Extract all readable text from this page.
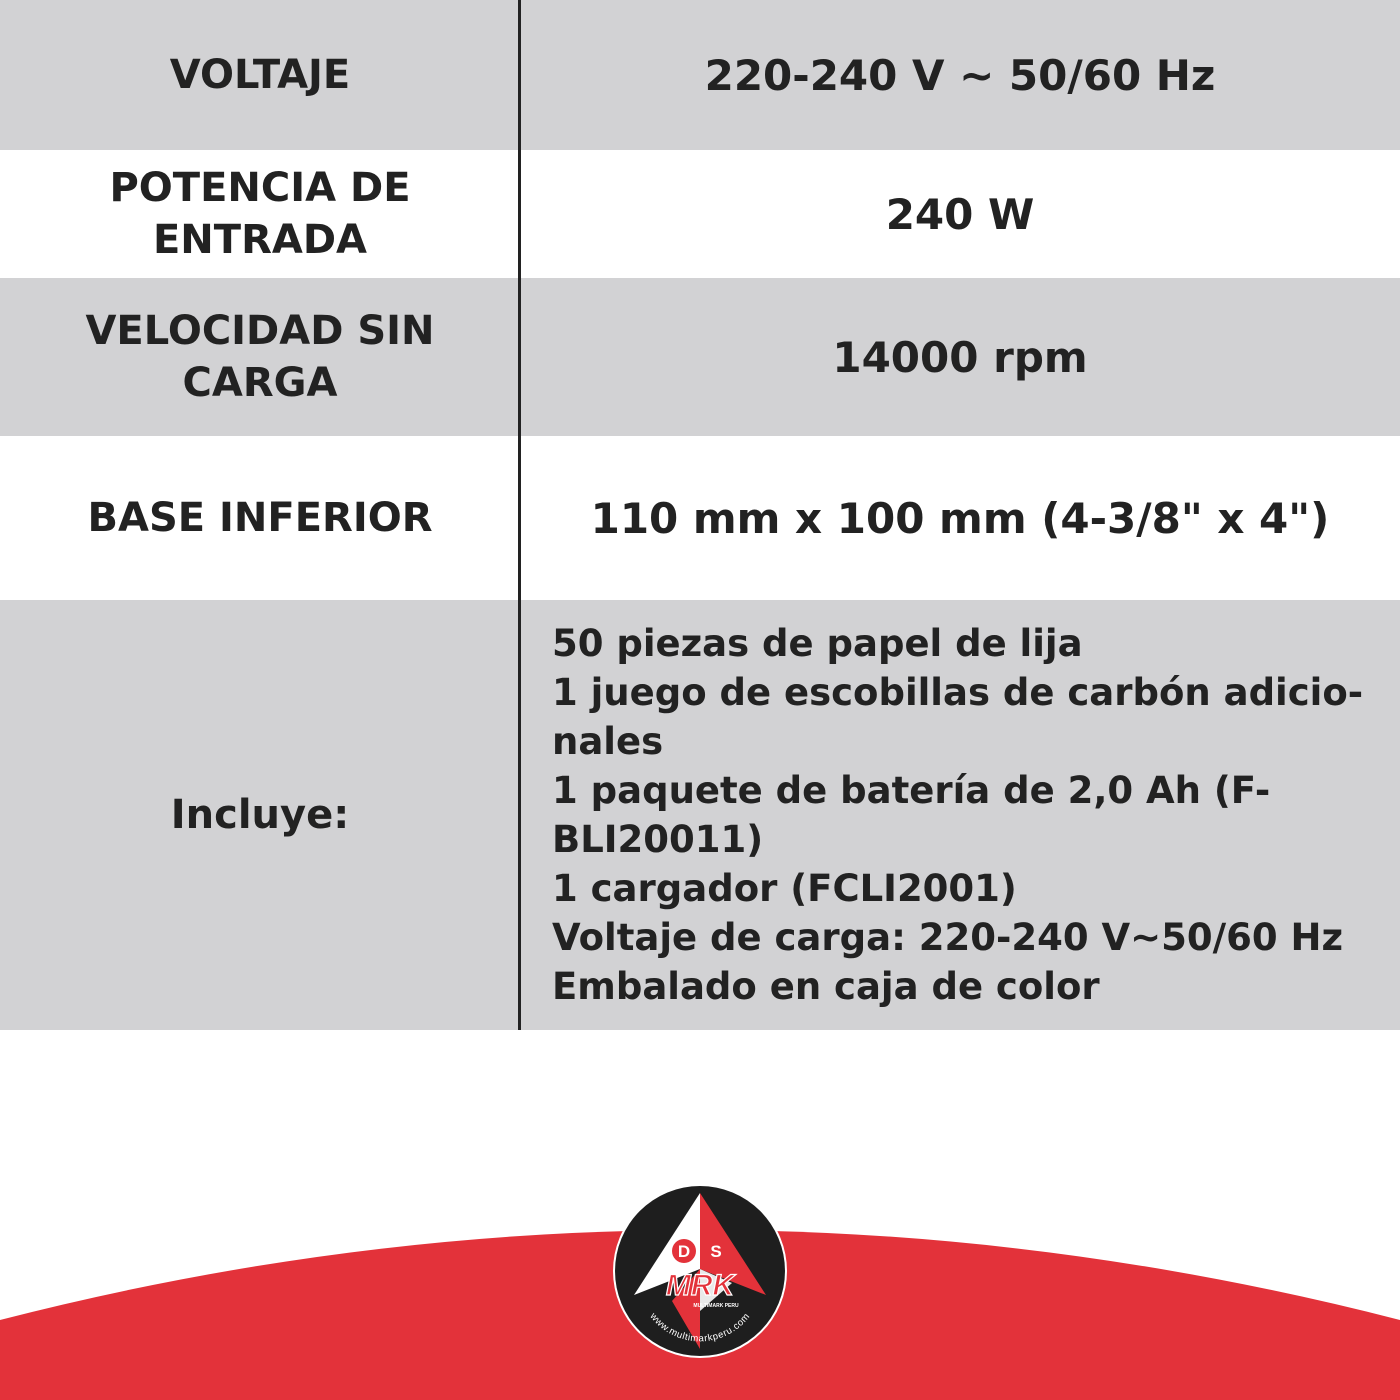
VOLTAJE	220-240 V ~ 50/60 Hz
POTENCIA DE
ENTRADA
240 W
VELOCIDAD SIN
CARGA
14000 rpm
BASE INFERIOR	110 mm x 100 mm (4-3/8" x 4")
Incluye:
50 piezas de papel de lija
1 juego de escobillas de carbón adicio-
nales
1 paquete de batería de 2,0 Ah (F-
BLI20011)
1 cargador (FCLI2001)
Voltaje de carga: 220-240 V~50/60 Hz
Embalado en caja de color
D S
MRK
MULTIMARK PERU
www.multimarkperu.com
